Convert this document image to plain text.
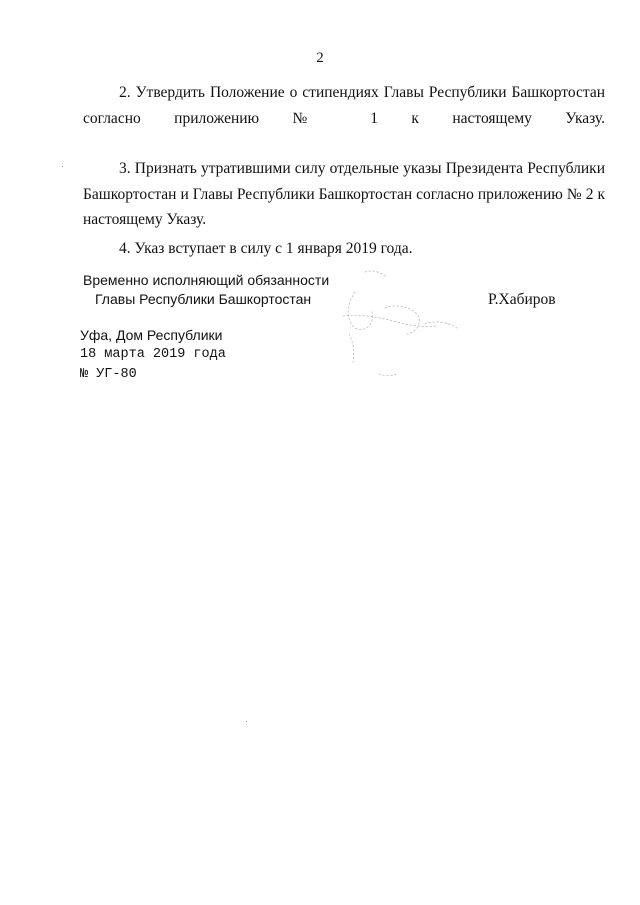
2

2. Утвердить Положение о стипендиях Главы Республики Башкортостан согласно приложению № 1 к настоящему Указу.

3. Признать утратившими силу отдельные указы Президента Республики Башкортостан и Главы Республики Башкортостан согласно приложению № 2 к настоящему Указу.

4. Указ вступает в силу с 1 января 2019 года.

Временно исполняющий обязанности
Главы Республики Башкортостан	Р.Хабиров
Уфа, Дом Республики
18 марта 2019 года
№ УГ-80
